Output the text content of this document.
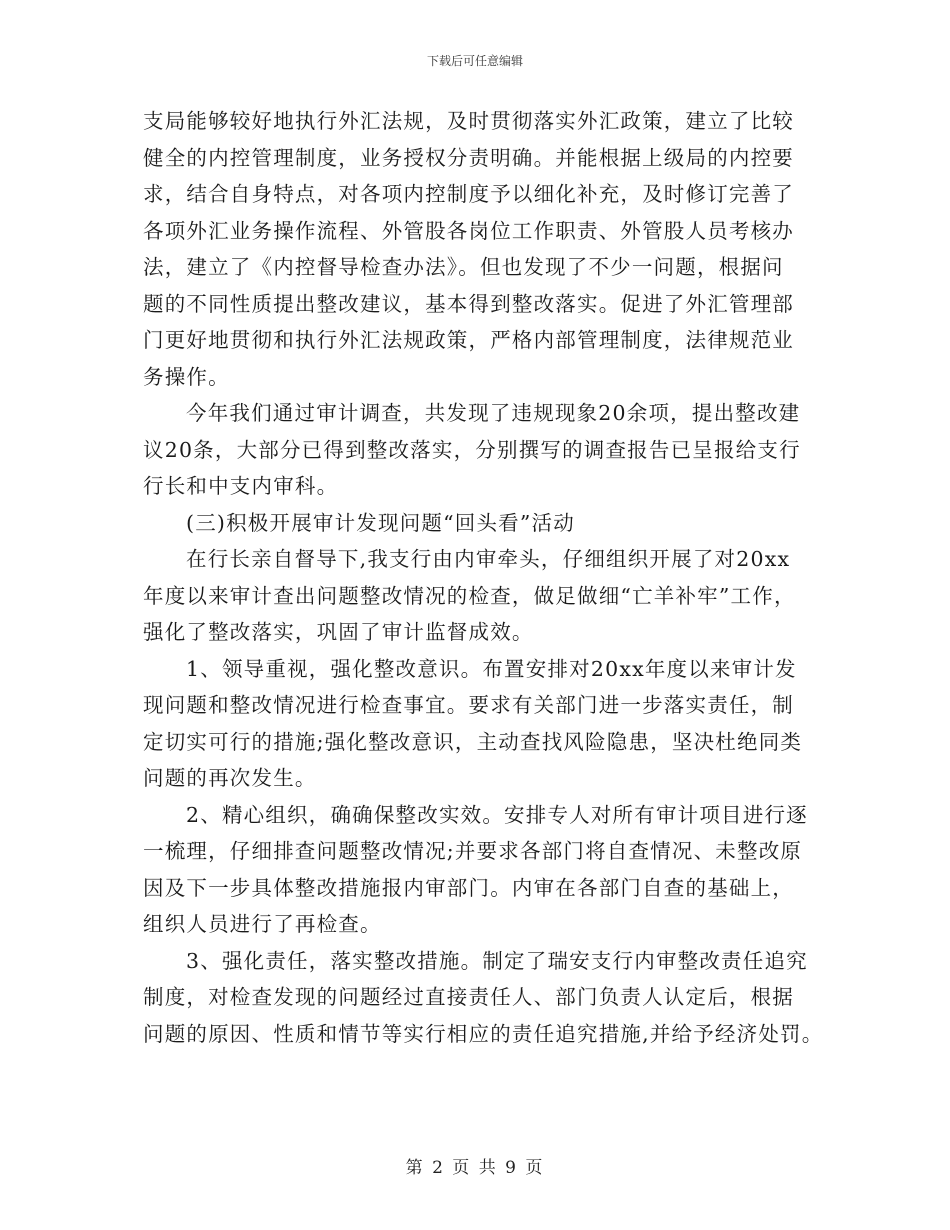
下载后可任意编辑
支局能够较好地执行外汇法规，及时贯彻落实外汇政策，建立了比较
健全的内控管理制度，业务授权分责明确。并能根据上级局的内控要
求，结合自身特点，对各项内控制度予以细化补充，及时修订完善了
各项外汇业务操作流程、外管股各岗位工作职责、外管股人员考核办
法，建立了《内控督导检查办法》。但也发现了不少一问题，根据问
题的不同性质提出整改建议，基本得到整改落实。促进了外汇管理部
门更好地贯彻和执行外汇法规政策，严格内部管理制度，法律规范业
务操作。
今年我们通过审计调查，共发现了违规现象20余项，提出整改建
议20条，大部分已得到整改落实，分别撰写的调查报告已呈报给支行
行长和中支内审科。
(三)积极开展审计发现问题“回头看”活动
在行长亲自督导下,我支行由内审牵头，仔细组织开展了对20xx
年度以来审计查出问题整改情况的检查，做足做细“亡羊补牢”工作，
强化了整改落实，巩固了审计监督成效。
1、领导重视，强化整改意识。布置安排对20xx年度以来审计发
现问题和整改情况进行检查事宜。要求有关部门进一步落实责任，制
定切实可行的措施;强化整改意识，主动查找风险隐患，坚决杜绝同类
问题的再次发生。
2、精心组织，确确保整改实效。安排专人对所有审计项目进行逐
一梳理，仔细排查问题整改情况;并要求各部门将自查情况、未整改原
因及下一步具体整改措施报内审部门。内审在各部门自查的基础上，
组织人员进行了再检查。
3、强化责任，落实整改措施。制定了瑞安支行内审整改责任追究
制度，对检查发现的问题经过直接责任人、部门负责人认定后，根据
问题的原因、性质和情节等实行相应的责任追究措施,并给予经济处罚。
第 2 页 共 9 页
